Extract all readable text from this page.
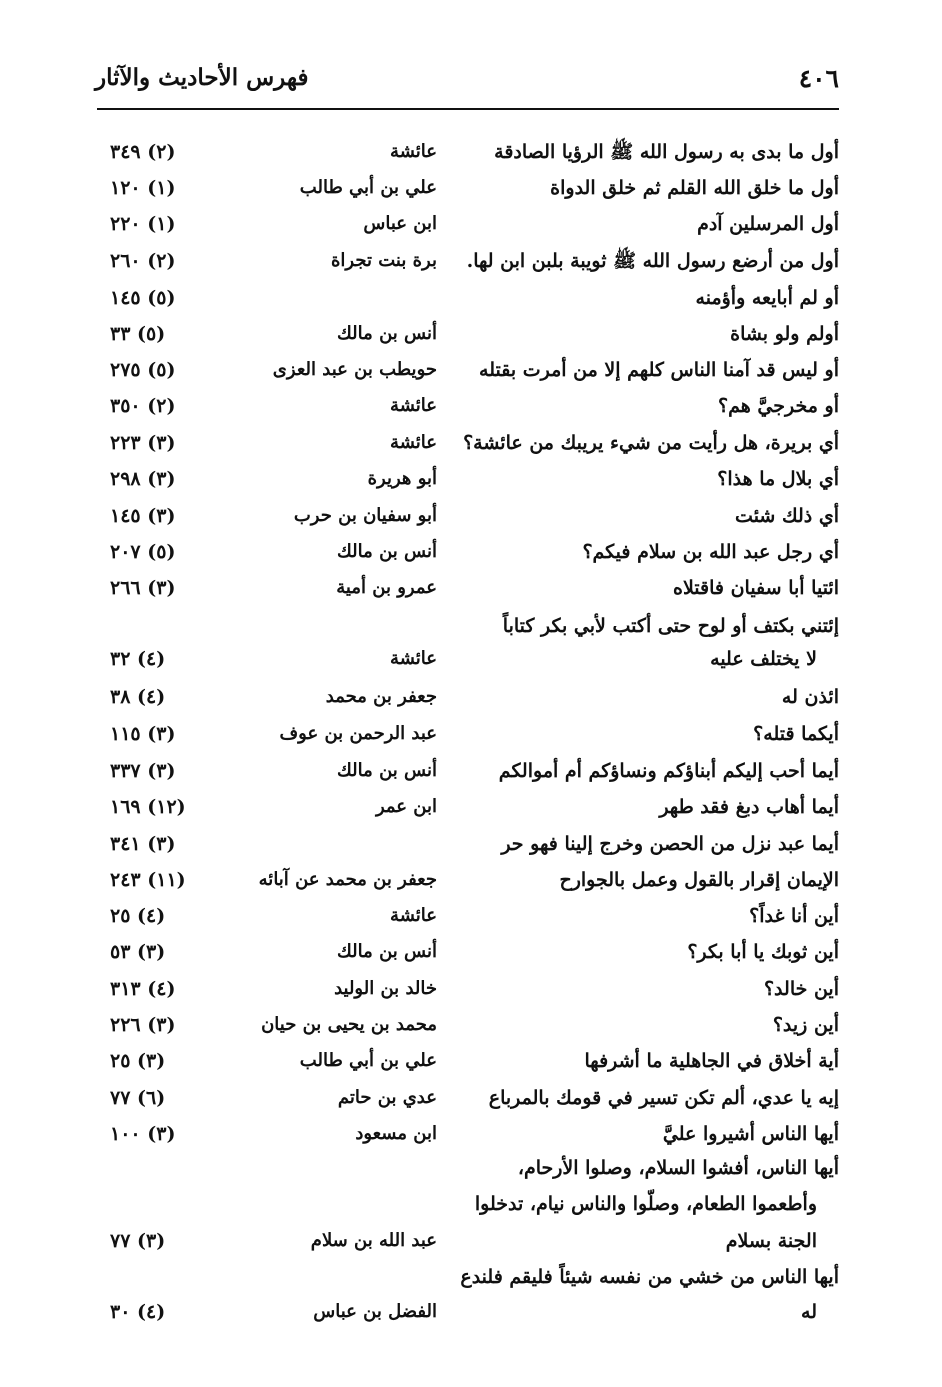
٤٠٦
فهرس الأحاديث والآثار
أول ما بدى به رسول الله ﷺ الرؤيا الصادقة
عائشة
(٢) ٣٤٩
أول ما خلق الله القلم ثم خلق الدواة
علي بن أبي طالب
(١) ١٢٠
أول المرسلين آدم
ابن عباس
(١) ٢٢٠
أول من أرضع رسول الله ﷺ ثويبة بلبن ابن لها.
برة بنت تجراة
(٢) ٢٦٠
أو لم أبايعه وأؤمنه
(٥) ١٤٥
أولم ولو بشاة
أنس بن مالك
(٥) ٣٣
أو ليس قد آمنا الناس كلهم إلا من أمرت بقتله
حويطب بن عبد العزى
(٥) ٢٧٥
أو مخرجيَّ هم؟
عائشة
(٢) ٣٥٠
أي بريرة، هل رأيت من شيء يريبك من عائشة؟
عائشة
(٣) ٢٢٣
أي بلال ما هذا؟
أبو هريرة
(٣) ٢٩٨
أي ذلك شئت
أبو سفيان بن حرب
(٣) ١٤٥
أي رجل عبد الله بن سلام فيكم؟
أنس بن مالك
(٥) ٢٠٧
ائتيا أبا سفيان فاقتلاه
عمرو بن أمية
(٣) ٢٦٦
إئتني بكتف أو لوح حتى أكتب لأبي بكر كتاباً
لا يختلف عليه
عائشة
(٤) ٣٢
ائذن له
جعفر بن محمد
(٤) ٣٨
أيكما قتله؟
عبد الرحمن بن عوف
(٣) ١١٥
أيما أحب إليكم أبناؤكم ونساؤكم أم أموالكم
أنس بن مالك
(٣) ٣٣٧
أيما أهاب دبغ فقد طهر
ابن عمر
(١٢) ١٦٩
أيما عبد نزل من الحصن وخرج إلينا فهو حر
(٣) ٣٤١
الإيمان إقرار بالقول وعمل بالجوارح
جعفر بن محمد عن آبائه
(١١) ٢٤٣
أين أنا غداً؟
عائشة
(٤) ٢٥
أين ثوبك يا أبا بكر؟
أنس بن مالك
(٣) ٥٣
أين خالد؟
خالد بن الوليد
(٤) ٣١٣
أين زيد؟
محمد بن يحيى بن حيان
(٣) ٢٢٦
أية أخلاق في الجاهلية ما أشرفها
علي بن أبي طالب
(٣) ٢٥
إيه يا عدي، ألم تكن تسير في قومك بالمرباع
عدي بن حاتم
(٦) ٧٧
أيها الناس أشيروا عليَّ
ابن مسعود
(٣) ١٠٠
أيها الناس، أفشوا السلام، وصلوا الأرحام،
وأطعموا الطعام، وصلّوا والناس نيام، تدخلوا
الجنة بسلام
عبد الله بن سلام
(٣) ٧٧
أيها الناس من خشي من نفسه شيئاً فليقم فلندع
له
الفضل بن عباس
(٤) ٣٠
